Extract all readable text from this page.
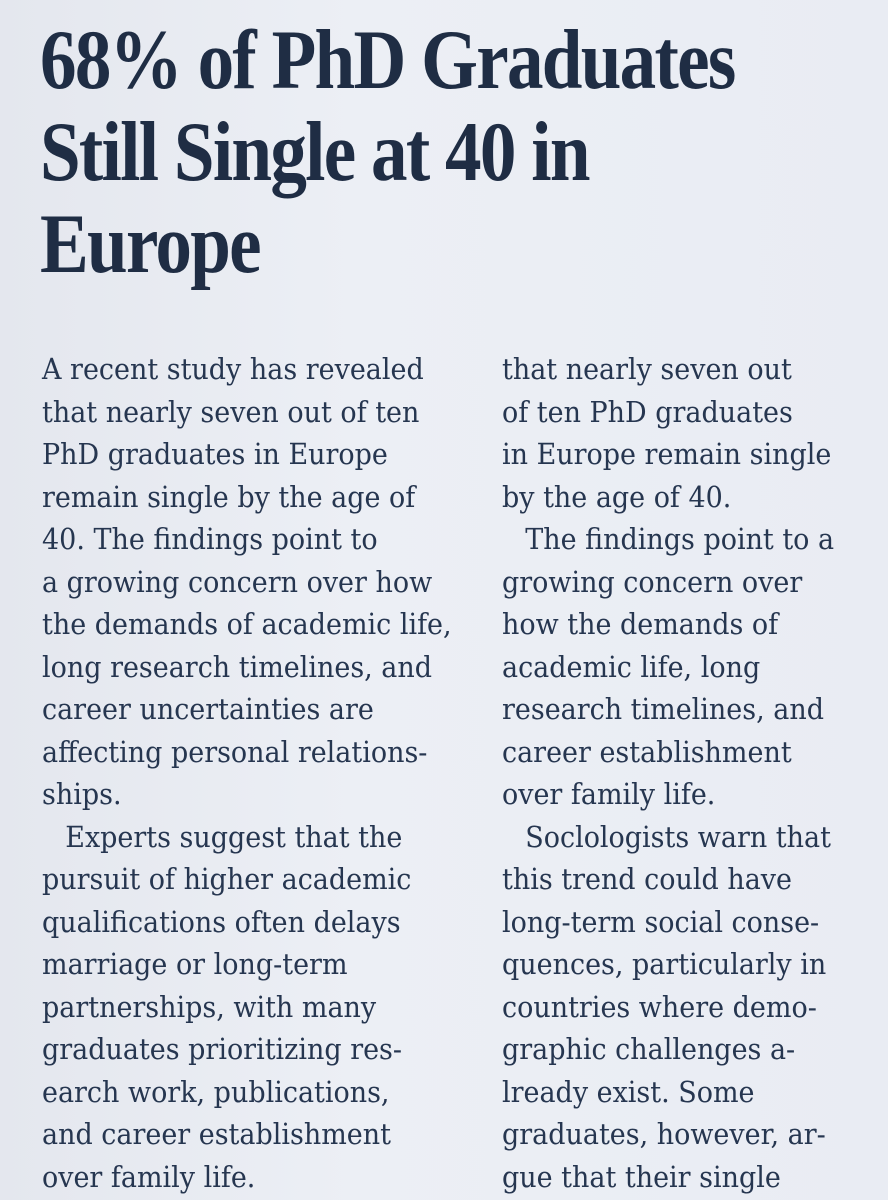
68% of PhD Graduates
Still Single at 40 in
Europe
A recent study has revealed
that nearly seven out of ten
PhD graduates in Europe
remain single by the age of
40. The findings point to
a growing concern over how
the demands of academic life,
long research timelines, and
career uncertainties are
affecting personal relations-
ships.
Experts suggest that the
pursuit of higher academic
qualifications often delays
marriage or long-term
partnerships, with many
graduates prioritizing res-
earch work, publications,
and career establishment
over family life.
that nearly seven out
of ten PhD graduates
in Europe remain single
by the age of 40.
The findings point to a
growing concern over
how the demands of
academic life, long
research timelines, and
career establishment
over family life.
Soclologists warn that
this trend could have
long-term social conse-
quences, particularly in
countries where demo-
graphic challenges a-
lready exist. Some
graduates, however, ar-
gue that their single
